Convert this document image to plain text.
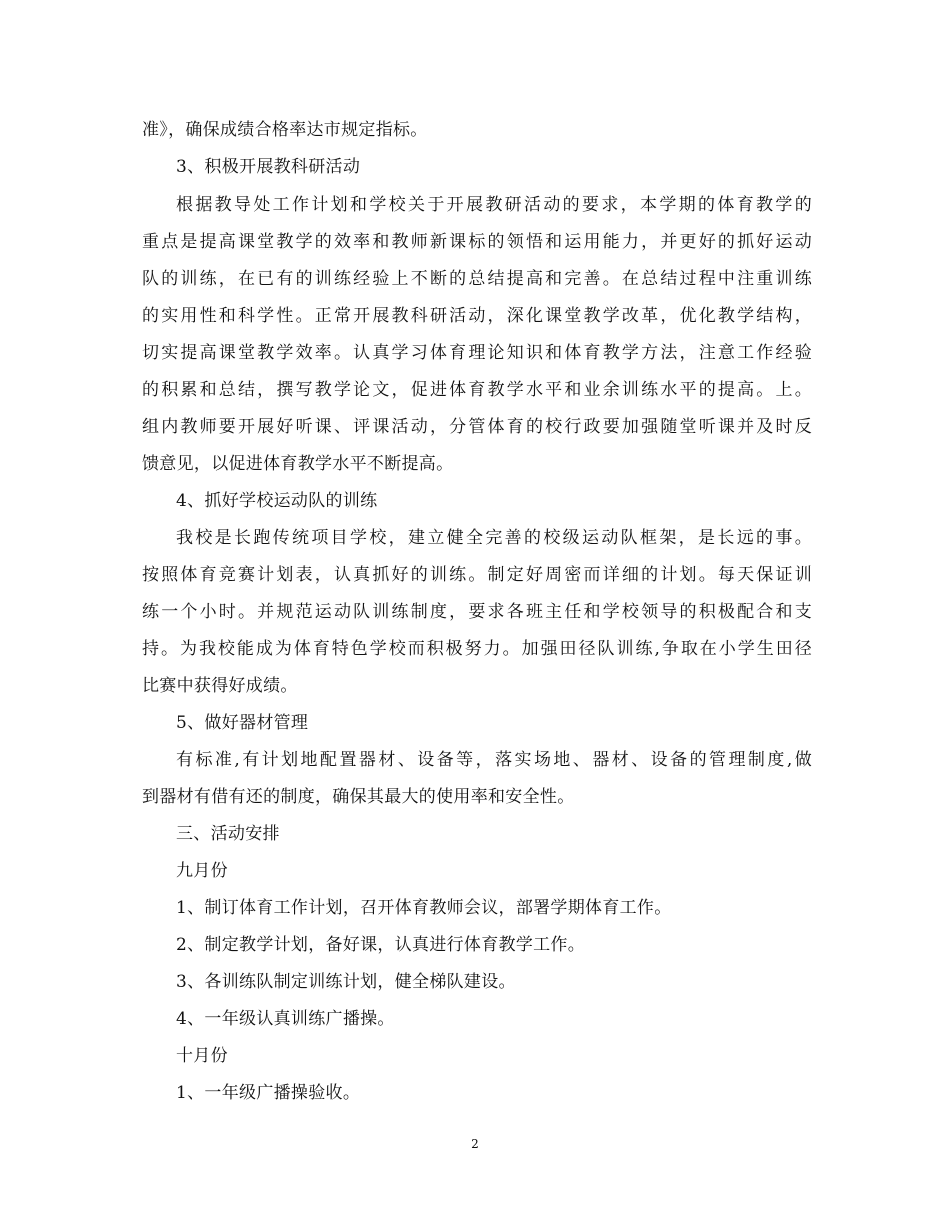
准》，确保成绩合格率达市规定指标。
3、积极开展教科研活动
根据教导处工作计划和学校关于开展教研活动的要求，本学期的体育教学的
重点是提高课堂教学的效率和教师新课标的领悟和运用能力，并更好的抓好运动
队的训练，在已有的训练经验上不断的总结提高和完善。在总结过程中注重训练
的实用性和科学性。正常开展教科研活动，深化课堂教学改革，优化教学结构，
切实提高课堂教学效率。认真学习体育理论知识和体育教学方法，注意工作经验
的积累和总结，撰写教学论文，促进体育教学水平和业余训练水平的提高。上。
组内教师要开展好听课、评课活动，分管体育的校行政要加强随堂听课并及时反
馈意见，以促进体育教学水平不断提高。
4、抓好学校运动队的训练
我校是长跑传统项目学校，建立健全完善的校级运动队框架，是长远的事。
按照体育竞赛计划表，认真抓好的训练。制定好周密而详细的计划。每天保证训
练一个小时。并规范运动队训练制度，要求各班主任和学校领导的积极配合和支
持。为我校能成为体育特色学校而积极努力。加强田径队训练,争取在小学生田径
比赛中获得好成绩。
5、做好器材管理
有标准,有计划地配置器材、设备等，落实场地、器材、设备的管理制度,做
到器材有借有还的制度，确保其最大的使用率和安全性。
三、活动安排
九月份
1、制订体育工作计划，召开体育教师会议，部署学期体育工作。
2、制定教学计划，备好课，认真进行体育教学工作。
3、各训练队制定训练计划，健全梯队建设。
4、一年级认真训练广播操。
十月份
1、一年级广播操验收。
2
